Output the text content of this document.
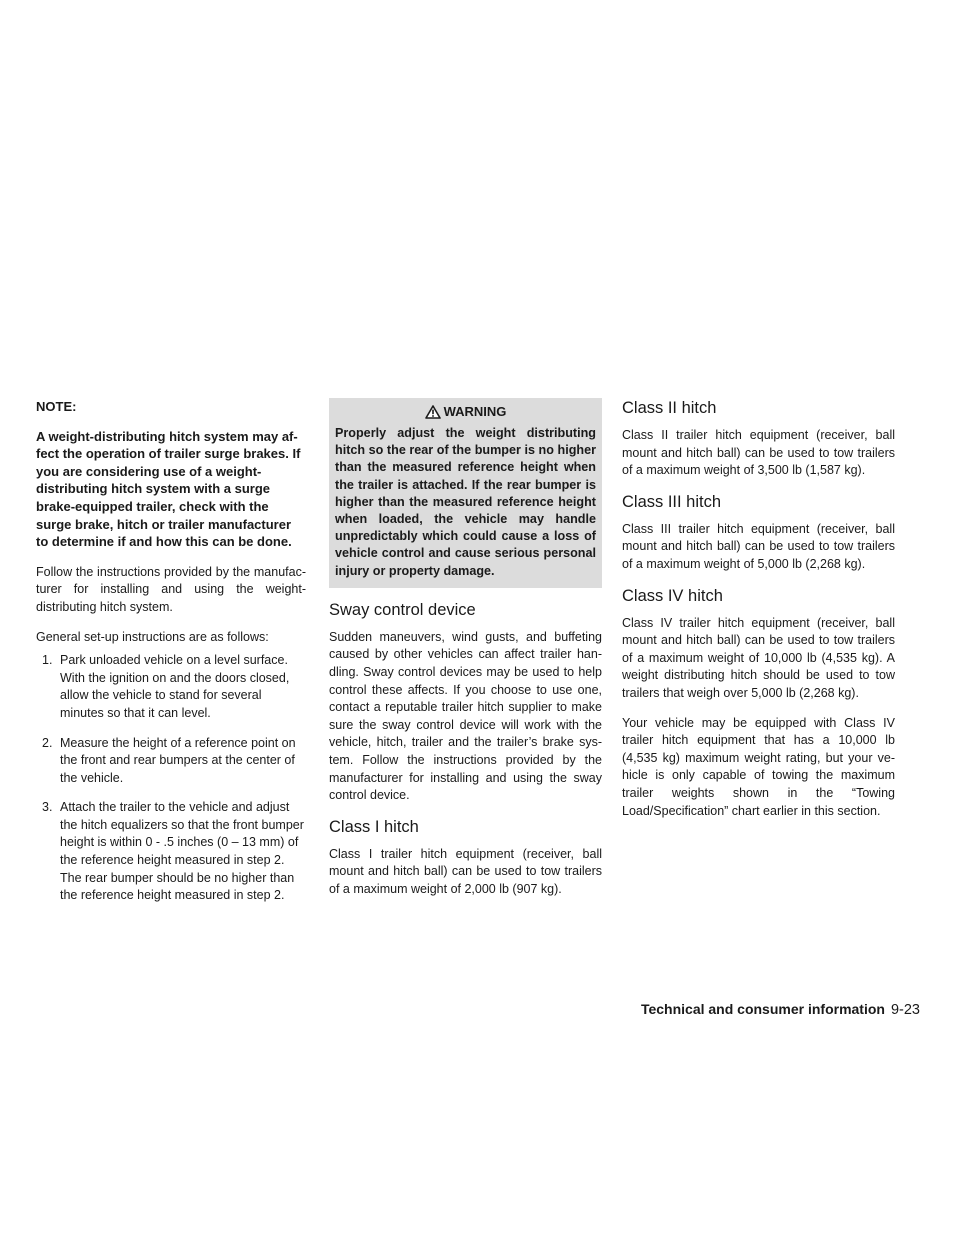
NOTE:

A weight-distributing hitch system may af- fect the operation of trailer surge brakes. If you are considering use of a weight- distributing hitch system with a surge brake-equipped trailer, check with the surge brake, hitch or trailer manufacturer to determine if and how this can be done.

Follow the instructions provided by the manufac- turer for installing and using the weight- distributing hitch system.

General set-up instructions are as follows:

1. Park unloaded vehicle on a level surface. With the ignition on and the doors closed, allow the vehicle to stand for several minutes so that it can level.
2. Measure the height of a reference point on the front and rear bumpers at the center of the vehicle.
3. Attach the trailer to the vehicle and adjust the hitch equalizers so that the front bumper height is within 0 - .5 inches (0 – 13 mm) of the reference height measured in step 2. The rear bumper should be no higher than the reference height measured in step 2.
WARNING

Properly adjust the weight distributing hitch so the rear of the bumper is no higher than the measured reference height when the trailer is attached. If the rear bumper is higher than the measured reference height when loaded, the vehicle may handle unpredictably which could cause a loss of vehicle control and cause serious personal injury or property damage.

Sway control device

Sudden maneuvers, wind gusts, and buffeting caused by other vehicles can affect trailer han- dling. Sway control devices may be used to help control these affects. If you choose to use one, contact a reputable trailer hitch supplier to make sure the sway control device will work with the vehicle, hitch, trailer and the trailer’s brake sys- tem. Follow the instructions provided by the manufacturer for installing and using the sway control device.

Class I hitch

Class I trailer hitch equipment (receiver, ball mount and hitch ball) can be used to tow trailers of a maximum weight of 2,000 lb (907 kg).

Class II hitch

Class II trailer hitch equipment (receiver, ball mount and hitch ball) can be used to tow trailers of a maximum weight of 3,500 lb (1,587 kg).

Class III hitch

Class III trailer hitch equipment (receiver, ball mount and hitch ball) can be used to tow trailers of a maximum weight of 5,000 lb (2,268 kg).

Class IV hitch

Class IV trailer hitch equipment (receiver, ball mount and hitch ball) can be used to tow trailers of a maximum weight of 10,000 lb (4,535 kg). A weight distributing hitch should be used to tow trailers that weigh over 5,000 lb (2,268 kg).

Your vehicle may be equipped with Class IV trailer hitch equipment that has a 10,000 lb (4,535 kg) maximum weight rating, but your ve- hicle is only capable of towing the maximum trailer weights shown in the “Towing Load/Specification” chart earlier in this section.

Technical and consumer information 9-23
